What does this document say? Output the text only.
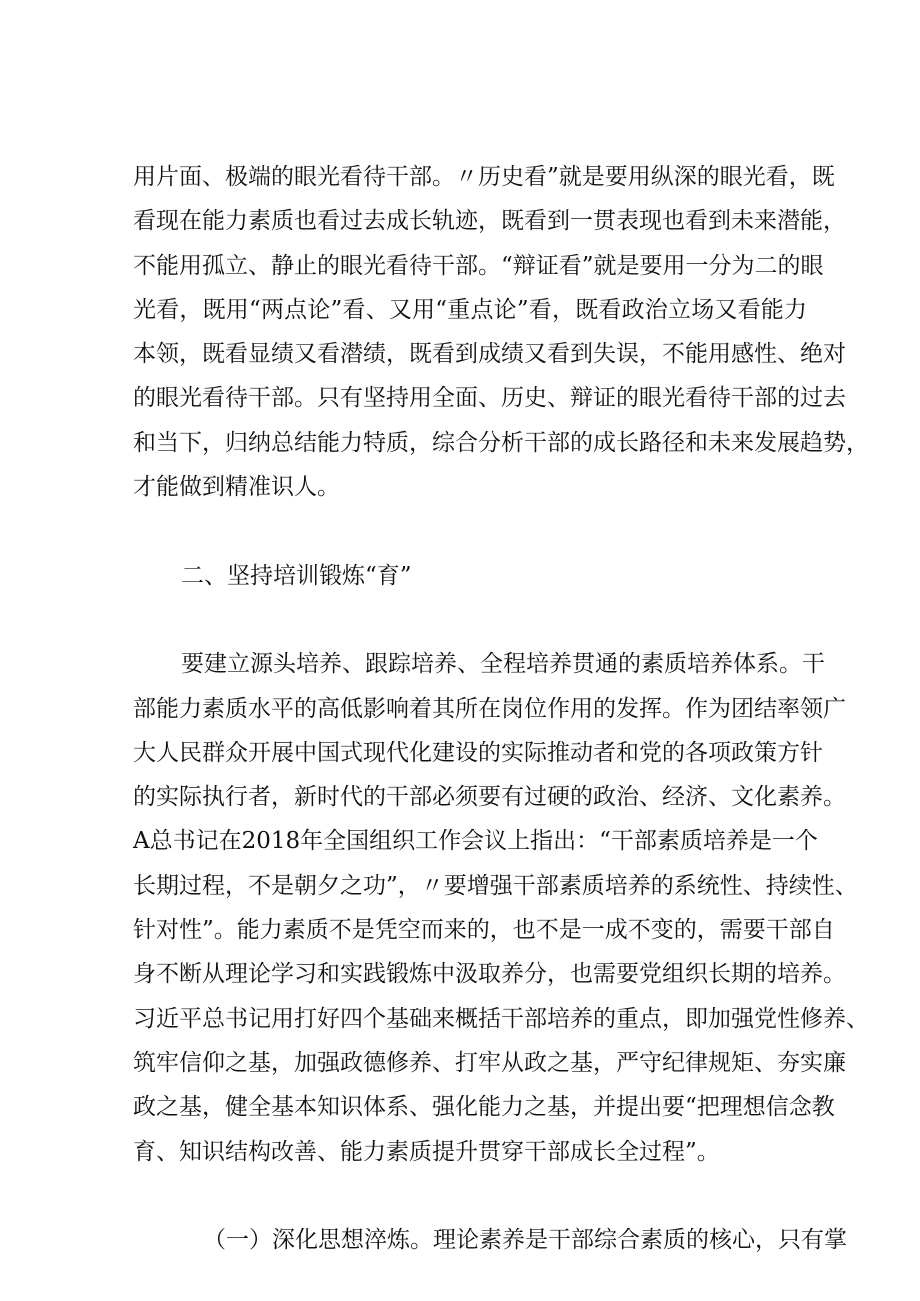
用片面、极端的眼光看待干部。〃历史看”就是要用纵深的眼光看，既
看现在能力素质也看过去成长轨迹，既看到一贯表现也看到未来潜能，
不能用孤立、静止的眼光看待干部。“辩证看”就是要用一分为二的眼
光看，既用“两点论”看、又用“重点论”看，既看政治立场又看能力
本领，既看显绩又看潜绩，既看到成绩又看到失误，不能用感性、绝对
的眼光看待干部。只有坚持用全面、历史、辩证的眼光看待干部的过去
和当下，归纳总结能力特质，综合分析干部的成长路径和未来发展趋势，
才能做到精准识人。
二、坚持培训锻炼“育”
要建立源头培养、跟踪培养、全程培养贯通的素质培养体系。干
部能力素质水平的高低影响着其所在岗位作用的发挥。作为团结率领广
大人民群众开展中国式现代化建设的实际推动者和党的各项政策方针
的实际执行者，新时代的干部必须要有过硬的政治、经济、文化素养。
A总书记在2018年全国组织工作会议上指出：“干部素质培养是一个
长期过程，不是朝夕之功”，〃要增强干部素质培养的系统性、持续性、
针对性”。能力素质不是凭空而来的，也不是一成不变的，需要干部自
身不断从理论学习和实践锻炼中汲取养分，也需要党组织长期的培养。
习近平总书记用打好四个基础来概括干部培养的重点，即加强党性修养、
筑牢信仰之基，加强政德修养、打牢从政之基，严守纪律规矩、夯实廉
政之基，健全基本知识体系、强化能力之基，并提出要“把理想信念教
育、知识结构改善、能力素质提升贯穿干部成长全过程”。
（一）深化思想淬炼。理论素养是干部综合素质的核心，只有掌
